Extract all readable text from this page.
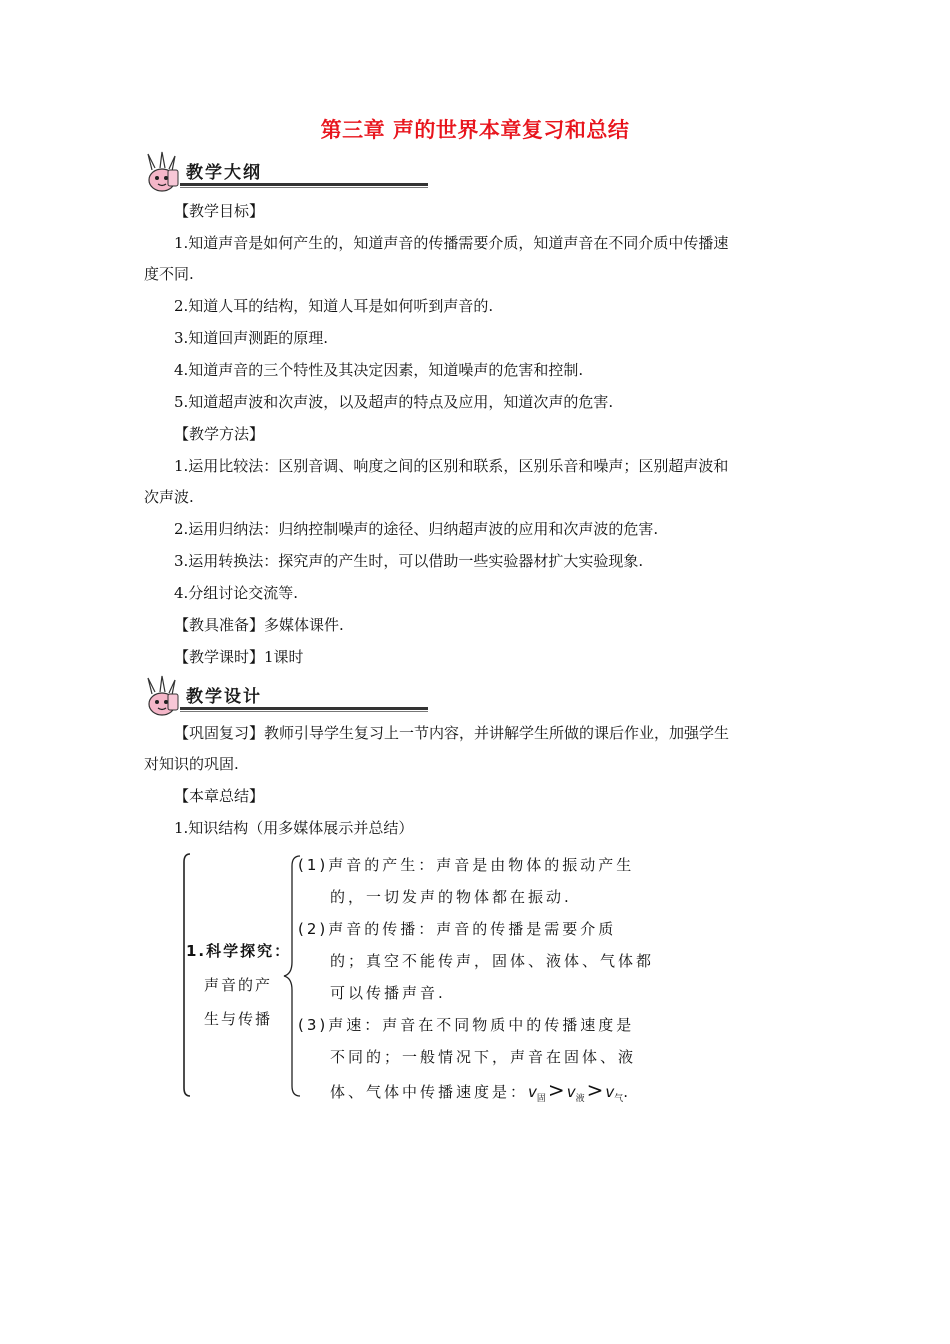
第三章 声的世界本章复习和总结
教学大纲
【教学目标】
1.知道声音是如何产生的，知道声音的传播需要介质，知道声音在不同介质中传播速
度不同.
2.知道人耳的结构，知道人耳是如何听到声音的.
3.知道回声测距的原理.
4.知道声音的三个特性及其决定因素，知道噪声的危害和控制.
5.知道超声波和次声波，以及超声的特点及应用，知道次声的危害.
【教学方法】
1.运用比较法：区别音调、响度之间的区别和联系，区别乐音和噪声；区别超声波和
次声波.
2.运用归纳法：归纳控制噪声的途径、归纳超声波的应用和次声波的危害.
3.运用转换法：探究声的产生时，可以借助一些实验器材扩大实验现象.
4.分组讨论交流等.
【教具准备】多媒体课件.
【教学课时】1课时
教学设计
【巩固复习】教师引导学生复习上一节内容，并讲解学生所做的课后作业，加强学生
对知识的巩固.
【本章总结】
1.知识结构（用多媒体展示并总结）
1.科学探究：
声音的产
生与传播
(1)声音的产生：声音是由物体的振动产生
的，一切发声的物体都在振动.
(2)声音的传播：声音的传播是需要介质
的；真空不能传声，固体、液体、气体都
可以传播声音.
(3)声速：声音在不同物质中的传播速度是
不同的；一般情况下，声音在固体、液
体、气体中传播速度是：$v_固 > v_液 > v_气$.
